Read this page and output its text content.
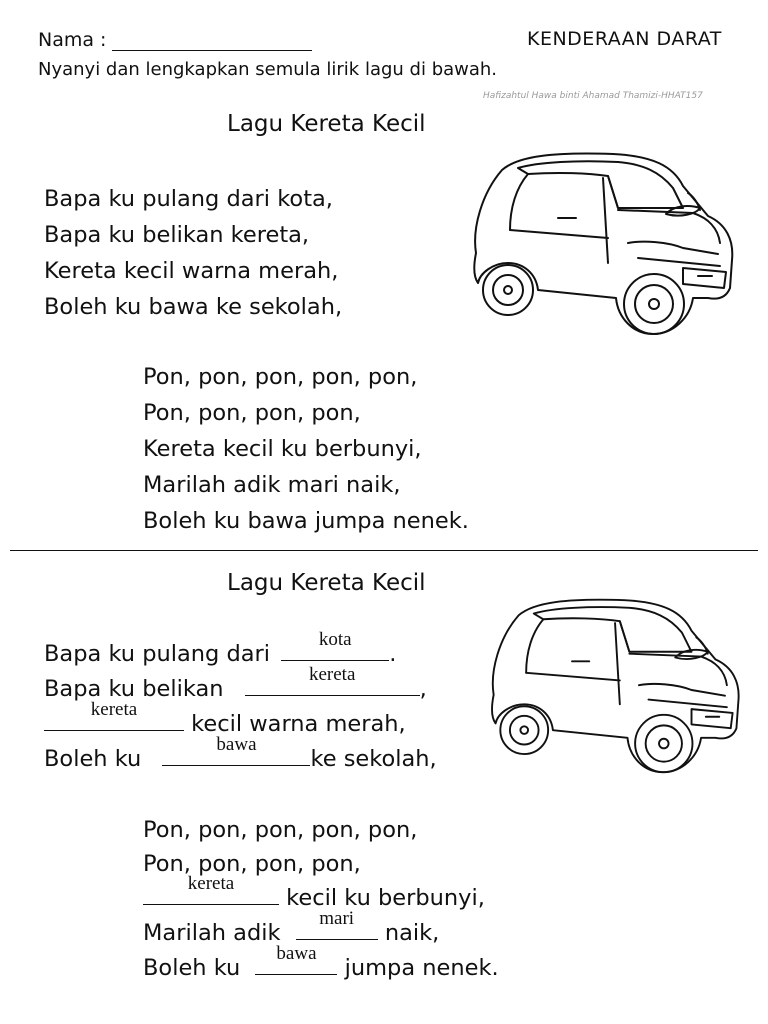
Nama :	KENDERAAN DARAT
Nyanyi dan lengkapkan semula lirik lagu di bawah.
Hafizahtul Hawa binti Ahamad Thamizi-HHAT157
Lagu Kereta Kecil
Bapa ku pulang dari kota,
Bapa ku belikan kereta,
Kereta kecil warna merah,
Boleh ku bawa ke sekolah,
Pon, pon, pon, pon, pon,
Pon, pon, pon, pon,
Kereta kecil ku berbunyi,
Marilah adik mari naik,
Boleh ku bawa jumpa nenek.
Lagu Kereta Kecil
Bapa ku pulang dari
kota
.
Bapa ku belikan
kereta
,
kereta
kecil warna merah,
Boleh ku
bawa
ke sekolah,
Pon, pon, pon, pon, pon,
Pon, pon, pon, pon,
kereta
kecil ku berbunyi,
Marilah adik
mari
naik,
Boleh ku
bawa
jumpa nenek.
